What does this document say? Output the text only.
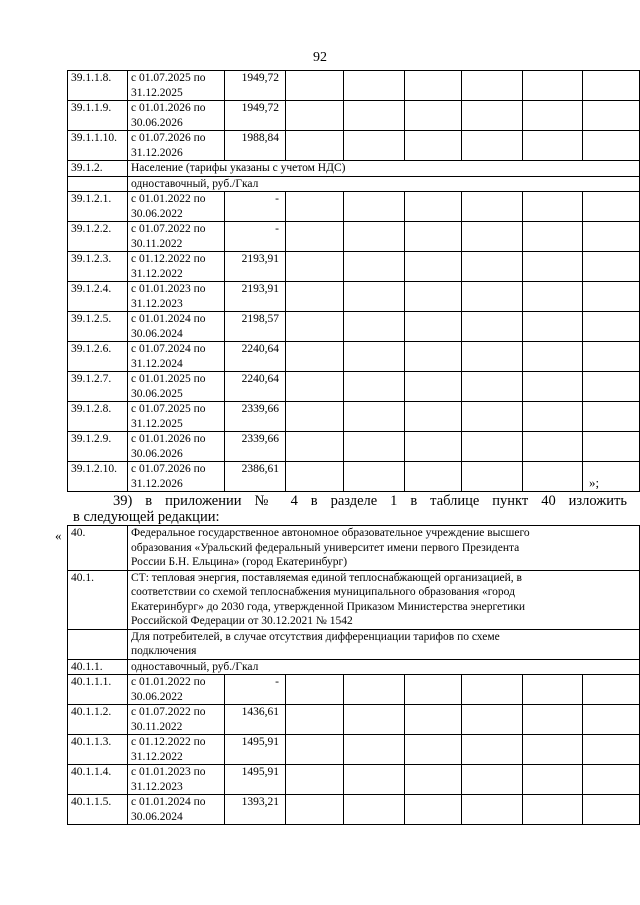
92
39.1.1.8.	с 01.07.2025 по
31.12.2025	1949,72	

39.1.1.9.	с 01.01.2026 по
30.06.2026	1949,72	

39.1.1.10.	с 01.07.2026 по
31.12.2026	1988,84	

39.1.2.	Население (тарифы указаны с учетом НДС)							

	одноставочный, руб./Гкал							

39.1.2.1.	с 01.01.2022 по
30.06.2022	-	

39.1.2.2.	с 01.07.2022 по
30.11.2022	-	

39.1.2.3.	с 01.12.2022 по
31.12.2022	2193,91	

39.1.2.4.	с 01.01.2023 по
31.12.2023	2193,91	

39.1.2.5.	с 01.01.2024 по
30.06.2024	2198,57	

39.1.2.6.	с 01.07.2024 по
31.12.2024	2240,64	

39.1.2.7.	с 01.01.2025 по
30.06.2025	2240,64	

39.1.2.8.	с 01.07.2025 по
31.12.2025	2339,66	

39.1.2.9.	с 01.01.2026 по
30.06.2026	2339,66	

39.1.2.10.	с 01.07.2026 по
31.12.2026	2386,61	

»;
39) в приложении № 4 в разделе 1 в таблице пункт 40 изложить
в следующей редакции:
« 40.	Федеральное государственное автономное образовательное учреждение высшего
образования «Уральский федеральный университет имени первого Президента
России Б.Н. Ельцина» (город Екатеринбург)							

40.1.	СТ: тепловая энергия, поставляемая единой теплоснабжающей организацией, в
соответствии со схемой теплоснабжения муниципального образования «город
Екатеринбург» до 2030 года, утвержденной Приказом Министерства энергетики
Российской Федерации от 30.12.2021 № 1542							

	Для потребителей, в случае отсутствия дифференциации тарифов по схеме
подключения							

40.1.1.	одноставочный, руб./Гкал							

40.1.1.1.	с 01.01.2022 по
30.06.2022	-	

40.1.1.2.	с 01.07.2022 по
30.11.2022	1436,61	

40.1.1.3.	с 01.12.2022 по
31.12.2022	1495,91	

40.1.1.4.	с 01.01.2023 по
31.12.2023	1495,91	

40.1.1.5.	с 01.01.2024 по
30.06.2024	1393,21	
